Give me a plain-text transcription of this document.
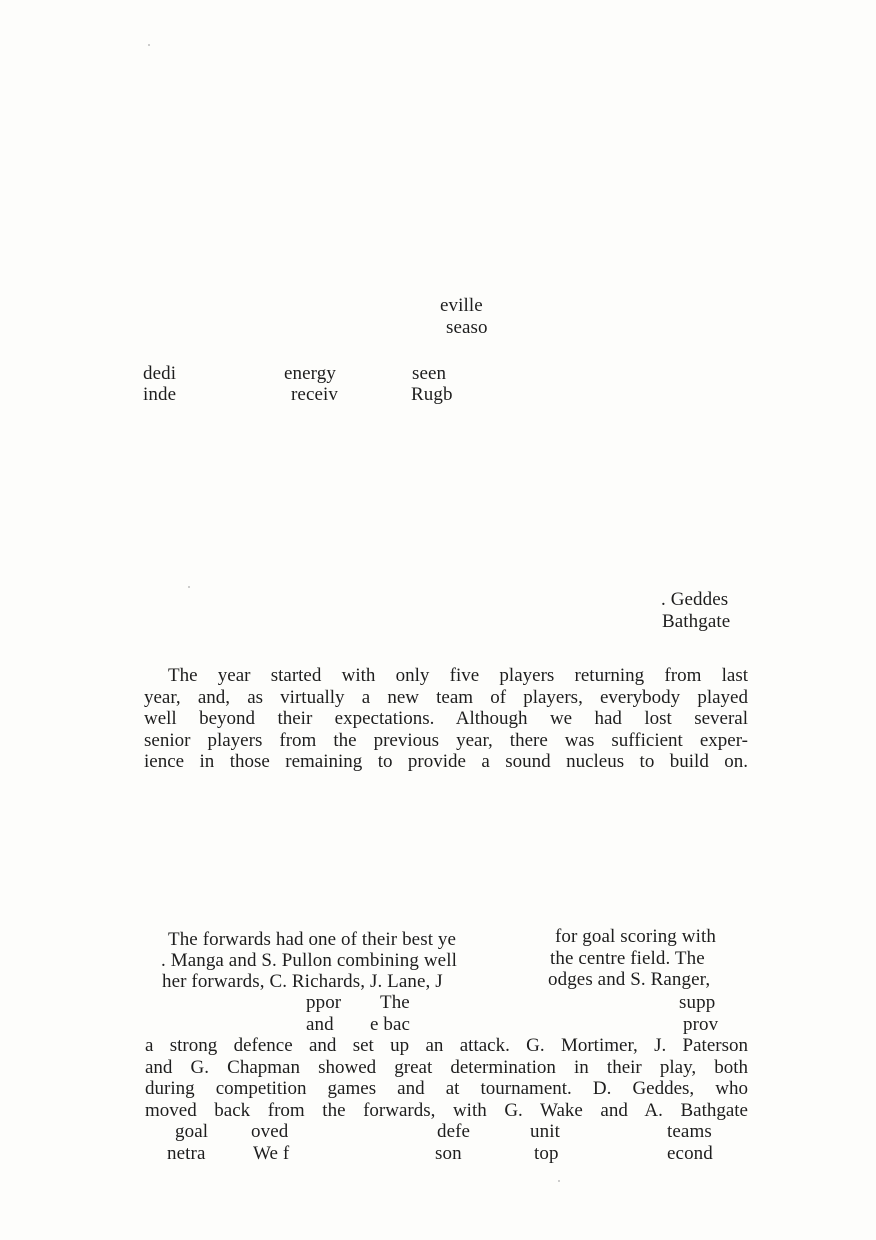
eville
seaso
dedi	energy	seen
inde	receiv	Rugb
. Geddes
Bathgate
The year started with only five players returning from last
year, and, as virtually a new team of players, everybody played
well beyond their expectations. Although we had lost several
senior players from the previous year, there was sufficient exper-
ience in those remaining to provide a sound nucleus to build on.
The forwards had one of their best ye	for goal scoring with
. Manga and S. Pullon combining well	the centre field. The
her forwards, C. Richards, J. Lane, J	odges and S. Ranger,
ppor The	supp
and e bac	prov
a strong defence and set up an attack. G. Mortimer, J. Paterson
and G. Chapman showed great determination in their play, both
during competition games and at tournament. D. Geddes, who
moved back from the forwards, with G. Wake and A. Bathgate
goal oved	defe	unit	teams
netra	We f	son	top	econd
